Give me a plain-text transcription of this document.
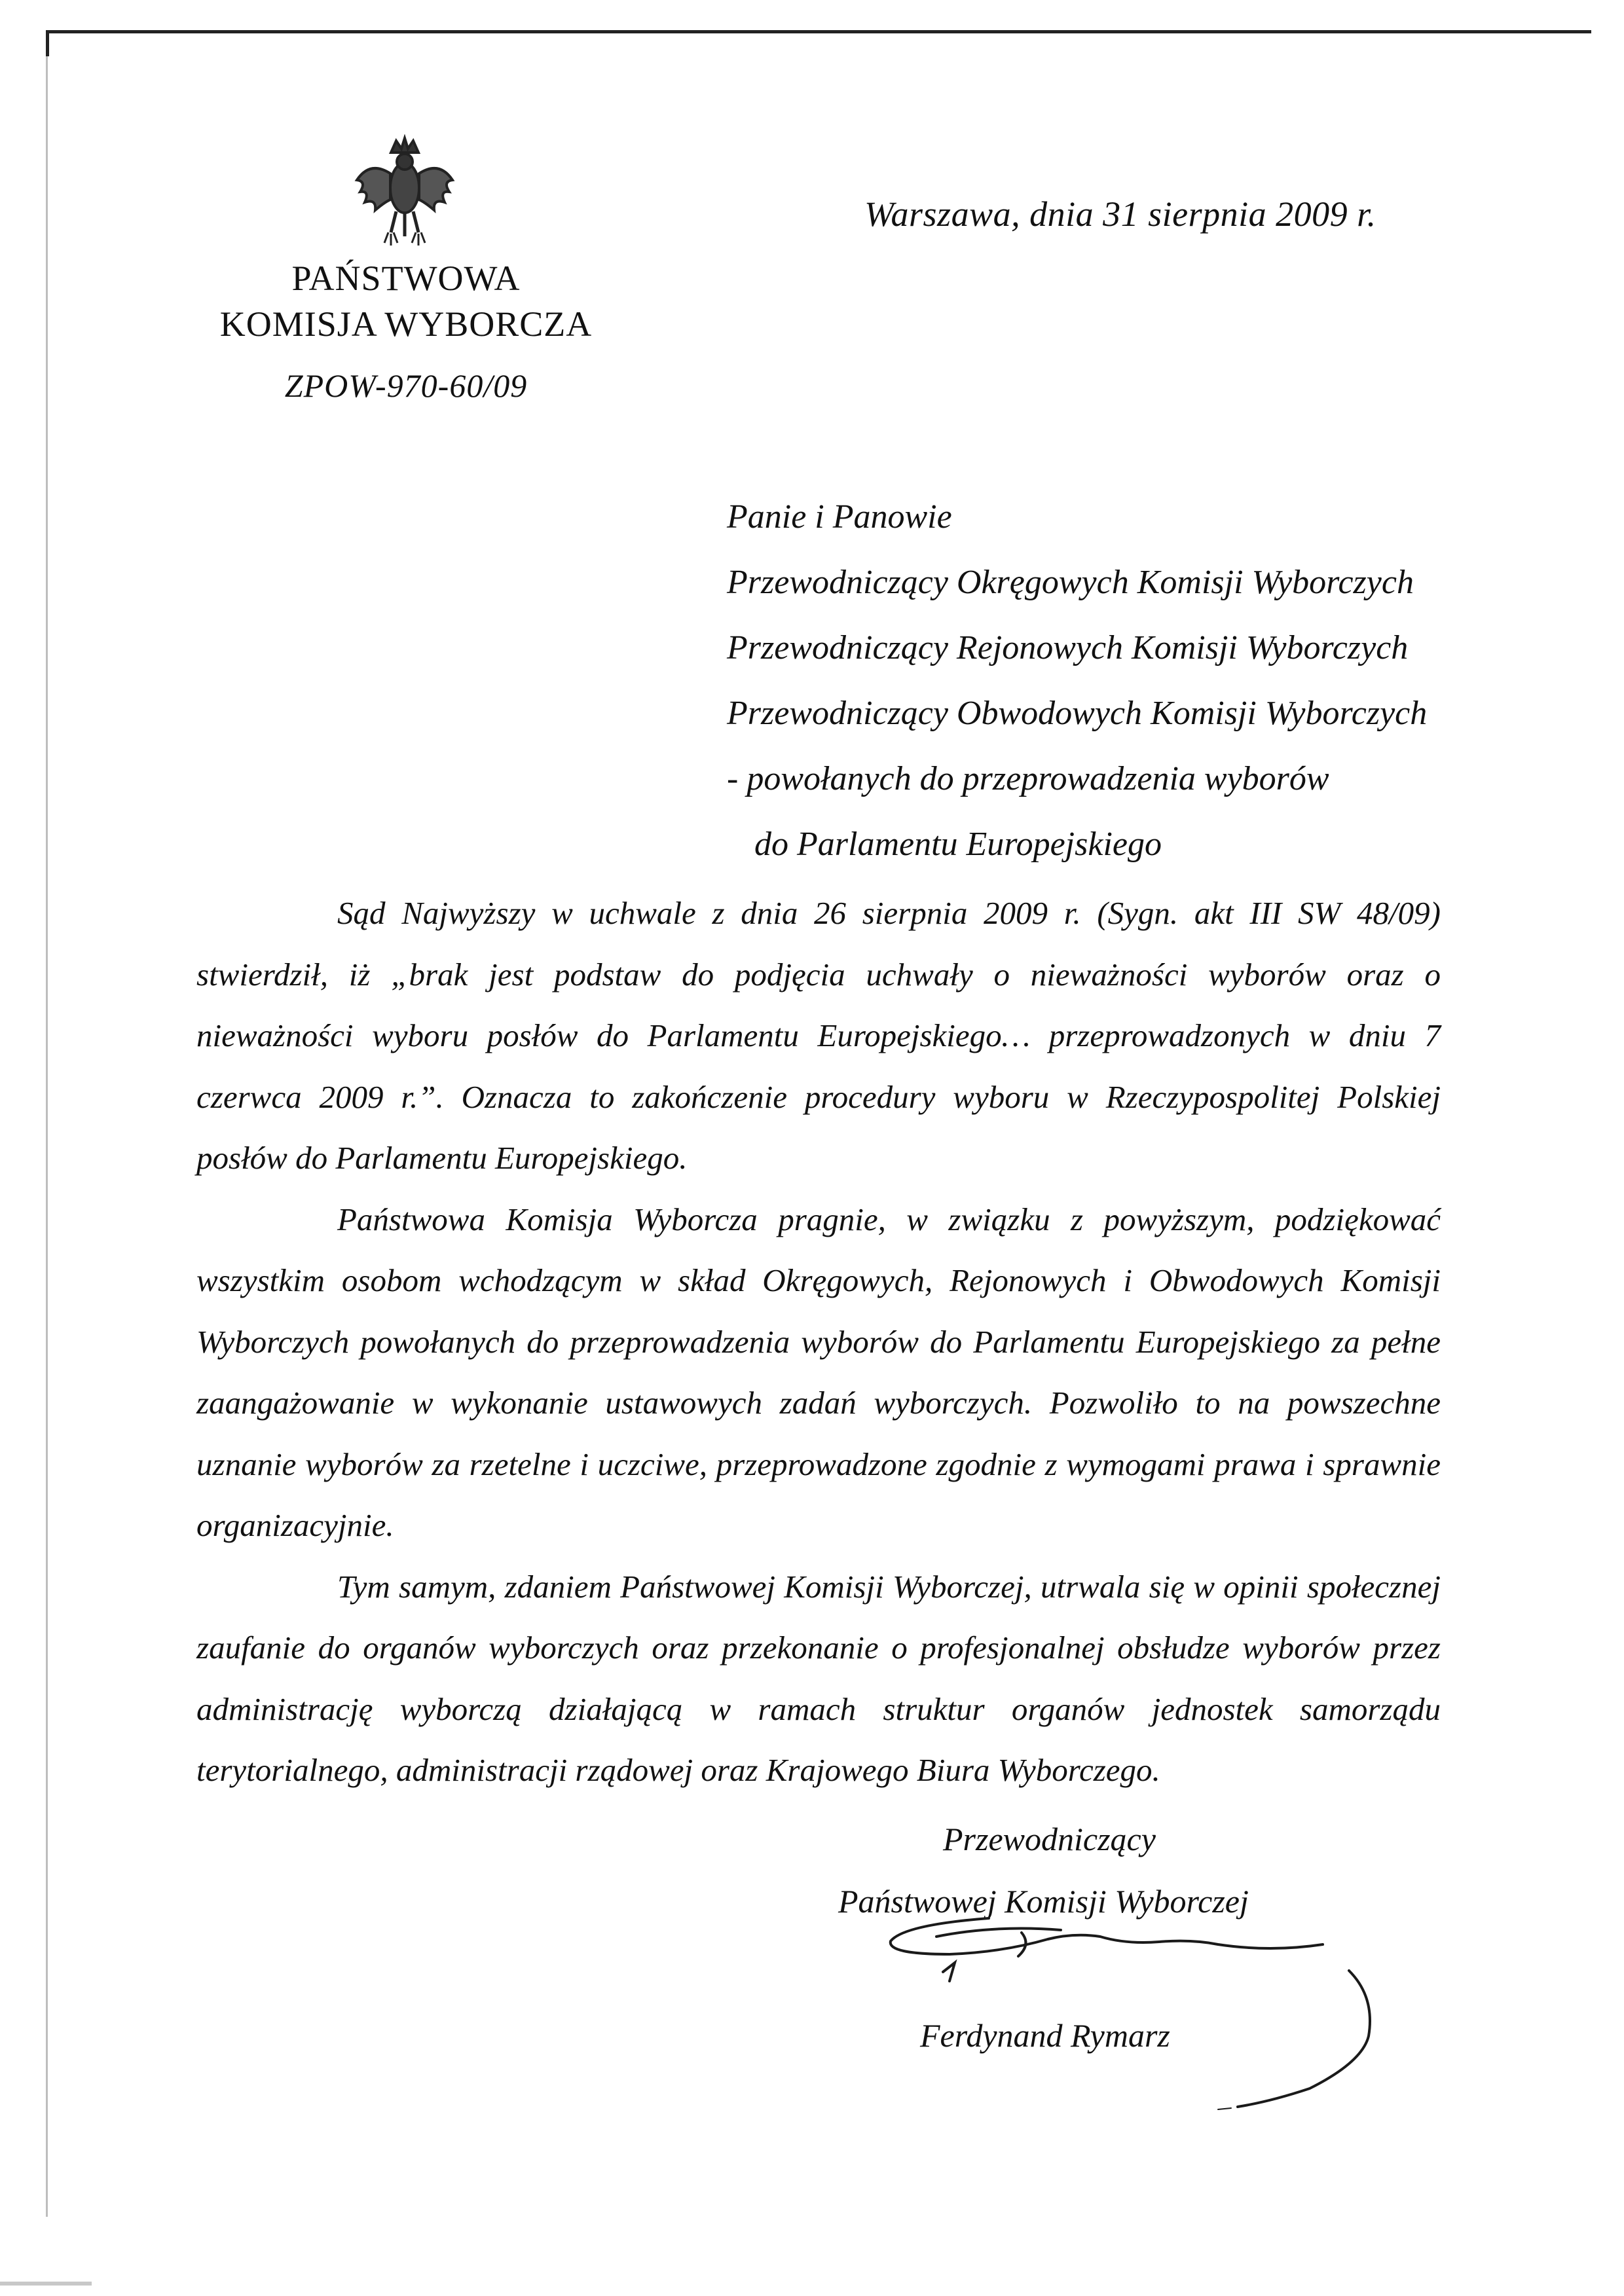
PAŃSTWOWA
KOMISJA WYBORCZA
ZPOW-970-60/09
Warszawa, dnia 31 sierpnia 2009 r.
Panie i Panowie
Przewodniczący Okręgowych Komisji Wyborczych
Przewodniczący Rejonowych Komisji Wyborczych
Przewodniczący Obwodowych Komisji Wyborczych
- powołanych do przeprowadzenia wyborów
do Parlamentu Europejskiego

Sąd Najwyższy w uchwale z dnia 26 sierpnia 2009 r. (Sygn. akt III SW 48/09) stwierdził, iż „brak jest podstaw do podjęcia uchwały o nieważności wyborów oraz o nieważności wyboru posłów do Parlamentu Europejskiego… przeprowadzonych w dniu 7 czerwca 2009 r.”. Oznacza to zakończenie procedury wyboru w Rzeczypospolitej Polskiej posłów do Parlamentu Europejskiego.

Państwowa Komisja Wyborcza pragnie, w związku z powyższym, podziękować wszystkim osobom wchodzącym w skład Okręgowych, Rejonowych i Obwodowych Komisji Wyborczych powołanych do przeprowadzenia wyborów do Parlamentu Europejskiego za pełne zaangażowanie w wykonanie ustawowych zadań wyborczych. Pozwoliło to na powszechne uznanie wyborów za rzetelne i uczciwe, przeprowadzone zgodnie z wymogami prawa i sprawnie organizacyjnie.

Tym samym, zdaniem Państwowej Komisji Wyborczej, utrwala się w opinii społecznej zaufanie do organów wyborczych oraz przekonanie o profesjonalnej obsłudze wyborów przez administrację wyborczą działającą w ramach struktur organów jednostek samorządu terytorialnego, administracji rządowej oraz Krajowego Biura Wyborczego.

Przewodniczący
Państwowej Komisji Wyborczej
Ferdynand Rymarz
